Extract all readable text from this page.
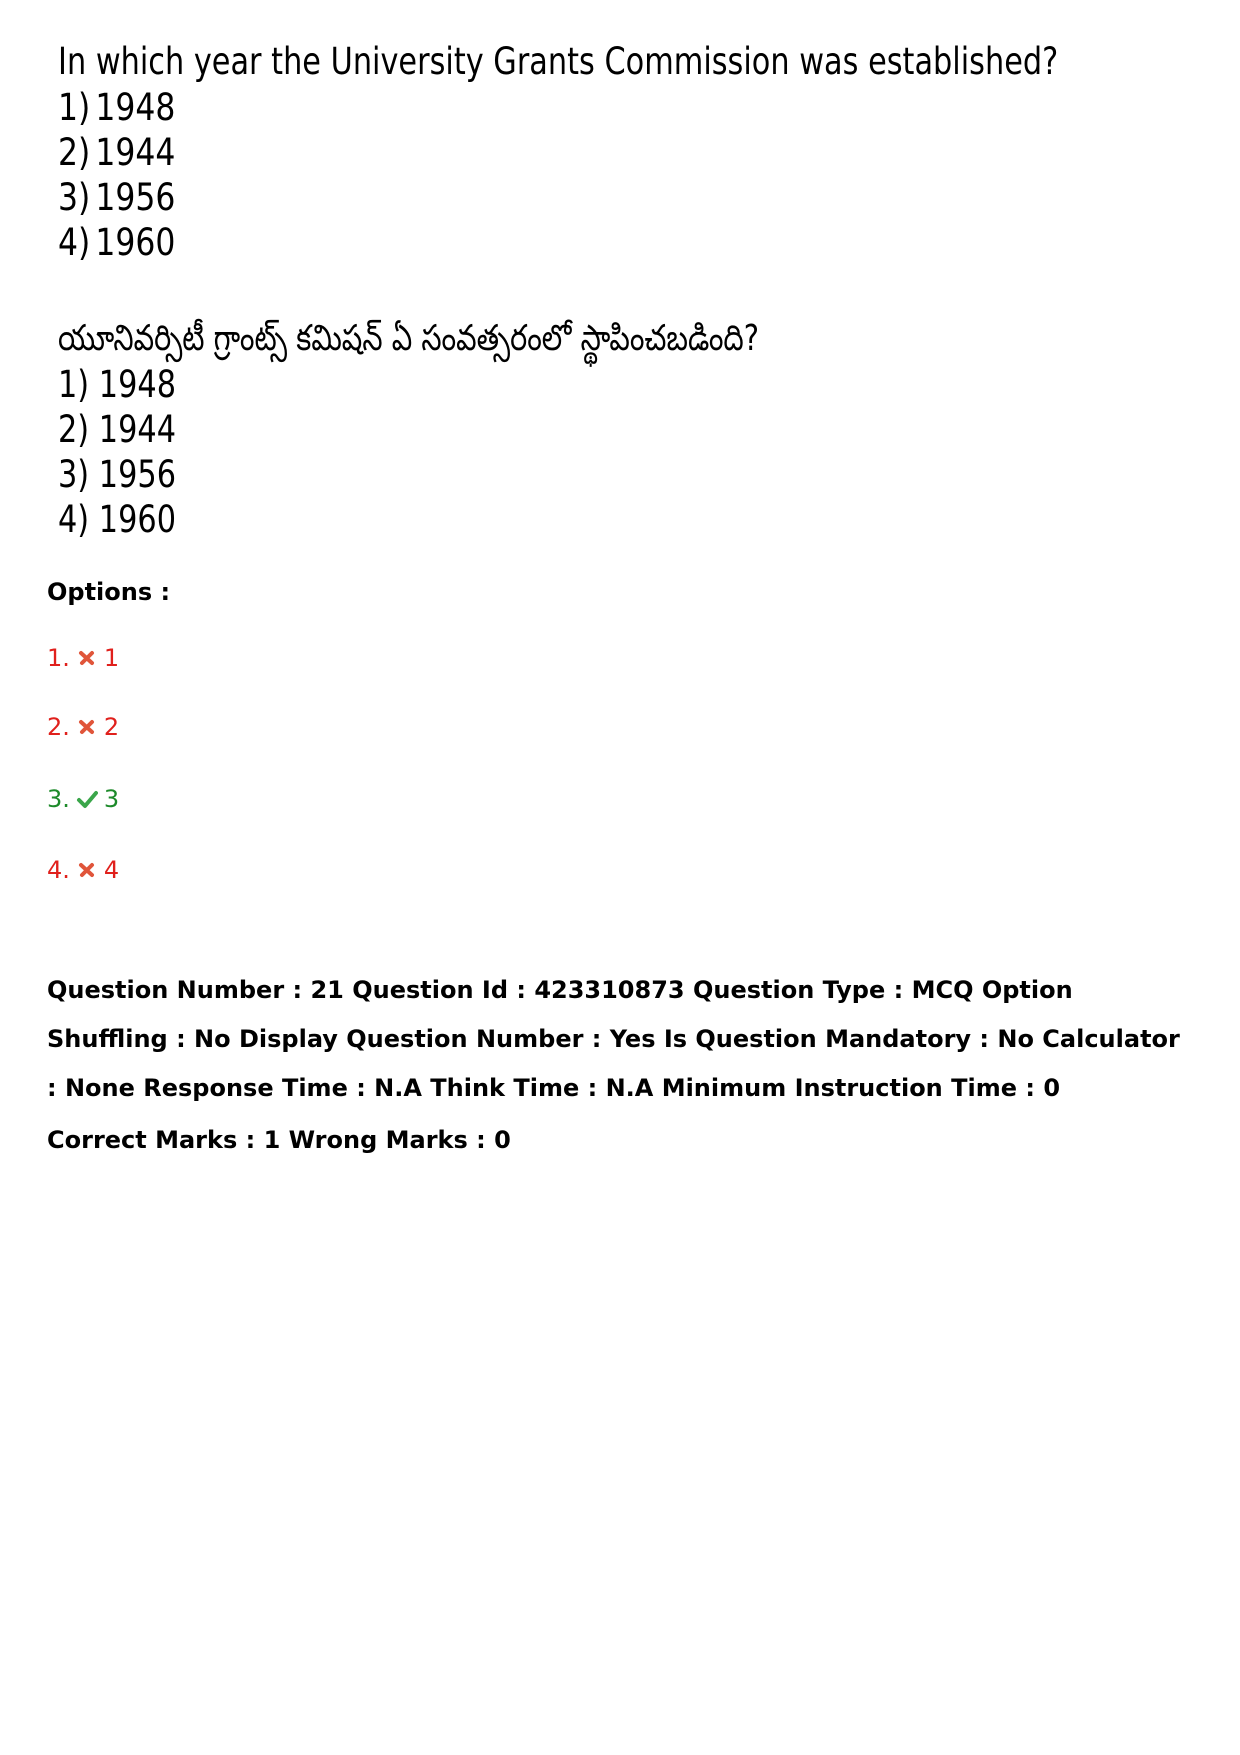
In which year the University Grants Commission was established?
1) 1948
2) 1944
3) 1956
4) 1960
యూనివర్సిటీ గ్రాంట్స్ కమిషన్ ఏ సంవత్సరంలో స్థాపించబడింది?
1) 1948
2) 1944
3) 1956
4) 1960
Options :
1. 1
2. 2
3. 3
4. 4
Question Number : 21 Question Id : 423310873 Question Type : MCQ Option Shuffling : No Display Question Number : Yes Is Question Mandatory : No Calculator : None Response Time : N.A Think Time : N.A Minimum Instruction Time : 0
Correct Marks : 1 Wrong Marks : 0
